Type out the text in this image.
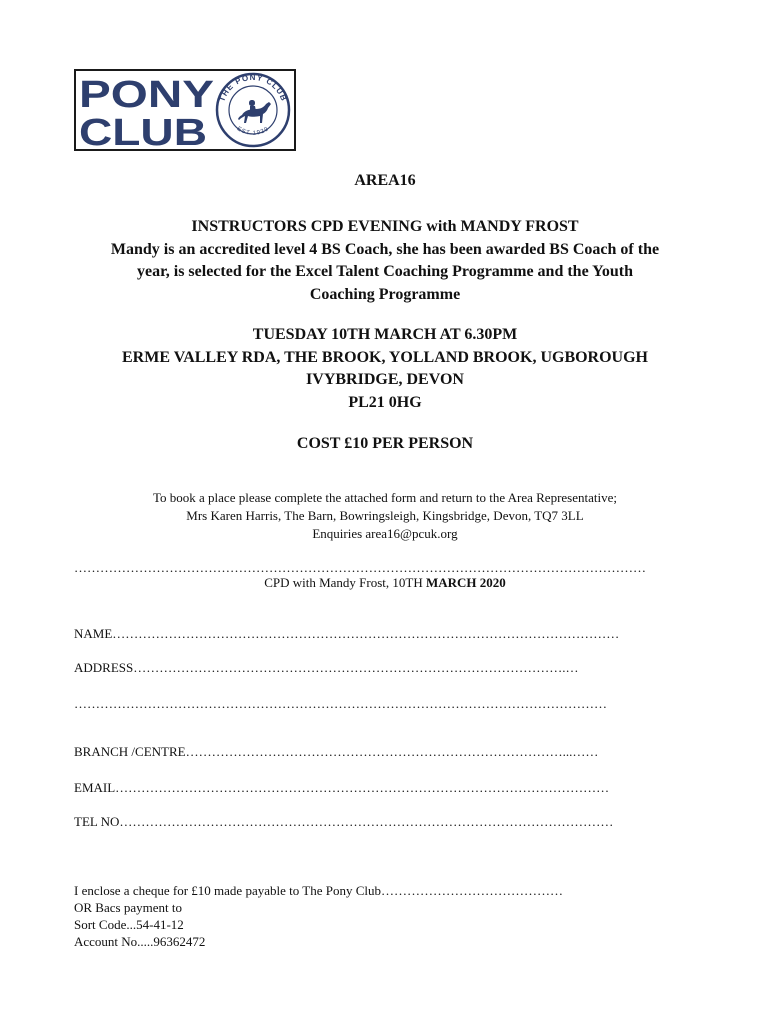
PONY
CLUB
THE PONY CLUB
EST 1929
AREA16
INSTRUCTORS CPD EVENING with MANDY FROST
Mandy is an accredited level 4 BS Coach, she has been awarded BS Coach of the
year, is selected for the Excel Talent Coaching Programme and the Youth
Coaching Programme
TUESDAY 10TH MARCH AT 6.30PM
ERME VALLEY RDA, THE BROOK, YOLLAND BROOK, UGBOROUGH
IVYBRIDGE, DEVON
PL21 0HG
COST £10 PER PERSON
To book a place please complete the attached form and return to the Area Representative;
Mrs Karen Harris, The Barn, Bowringsleigh, Kingsbridge, Devon, TQ7 3LL
Enquiries area16@pcuk.org
……………………………………………………………………………………………………………………
CPD with Mandy Frost, 10TH MARCH 2020
NAME………………………………………………………………………………………………………
ADDRESS……………………………………………………………………………………….…
……………………………………………………………………………………………………………
BRANCH /CENTRE……………………………………………………………………………...……
EMAIL……………………………………………………………………………………………………
TEL NO……………………………………………………………………………………………………
I enclose a cheque for £10 made payable to The Pony Club……………………………………
OR Bacs payment to
Sort Code...54-41-12
Account No.....96362472
